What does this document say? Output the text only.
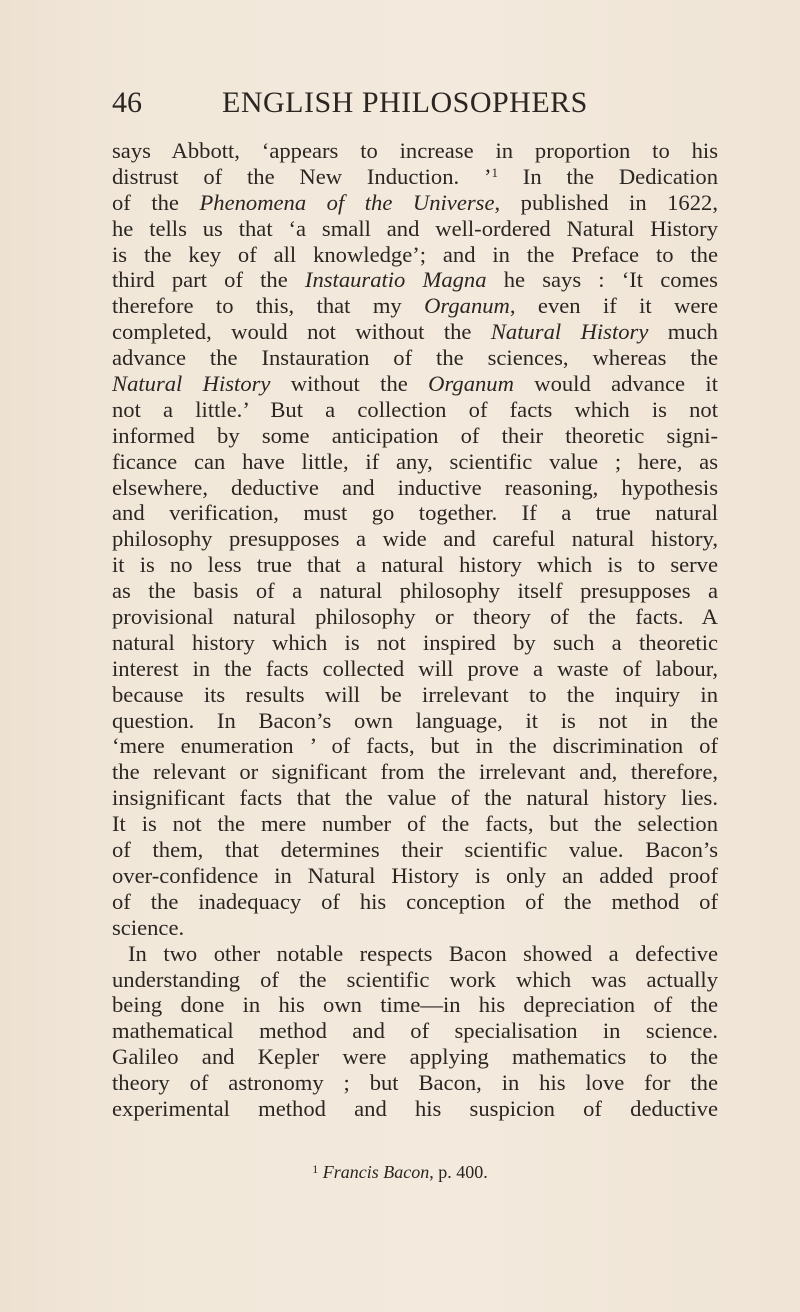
46	ENGLISH PHILOSOPHERS
says Abbott, ‘appears to increase in proportion to his
distrust of the New Induction. ’$^1$ In the Dedication
of the Phenomena of the Universe, published in 1622,
he tells us that ‘a small and well-ordered Natural History
is the key of all knowledge’; and in the Preface to the
third part of the Instauratio Magna he says : ‘It comes
therefore to this, that my Organum, even if it were
completed, would not without the Natural History much
advance the Instauration of the sciences, whereas the
Natural History without the Organum would advance it
not a little.’ But a collection of facts which is not
informed by some anticipation of their theoretic signi-
ficance can have little, if any, scientific value ; here, as
elsewhere, deductive and inductive reasoning, hypothesis
and verification, must go together. If a true natural
philosophy presupposes a wide and careful natural history,
it is no less true that a natural history which is to serve
as the basis of a natural philosophy itself presupposes a
provisional natural philosophy or theory of the facts. A
natural history which is not inspired by such a theoretic
interest in the facts collected will prove a waste of labour,
because its results will be irrelevant to the inquiry in
question. In Bacon’s own language, it is not in the
‘mere enumeration ’ of facts, but in the discrimination of
the relevant or significant from the irrelevant and, therefore,
insignificant facts that the value of the natural history lies.
It is not the mere number of the facts, but the selection
of them, that determines their scientific value. Bacon’s
over-confidence in Natural History is only an added proof
of the inadequacy of his conception of the method of
science.
In two other notable respects Bacon showed a defective
understanding of the scientific work which was actually
being done in his own time—in his depreciation of the
mathematical method and of specialisation in science.
Galileo and Kepler were applying mathematics to the
theory of astronomy ; but Bacon, in his love for the
experimental method and his suspicion of deductive
$^1$ Francis Bacon, p. 400.
